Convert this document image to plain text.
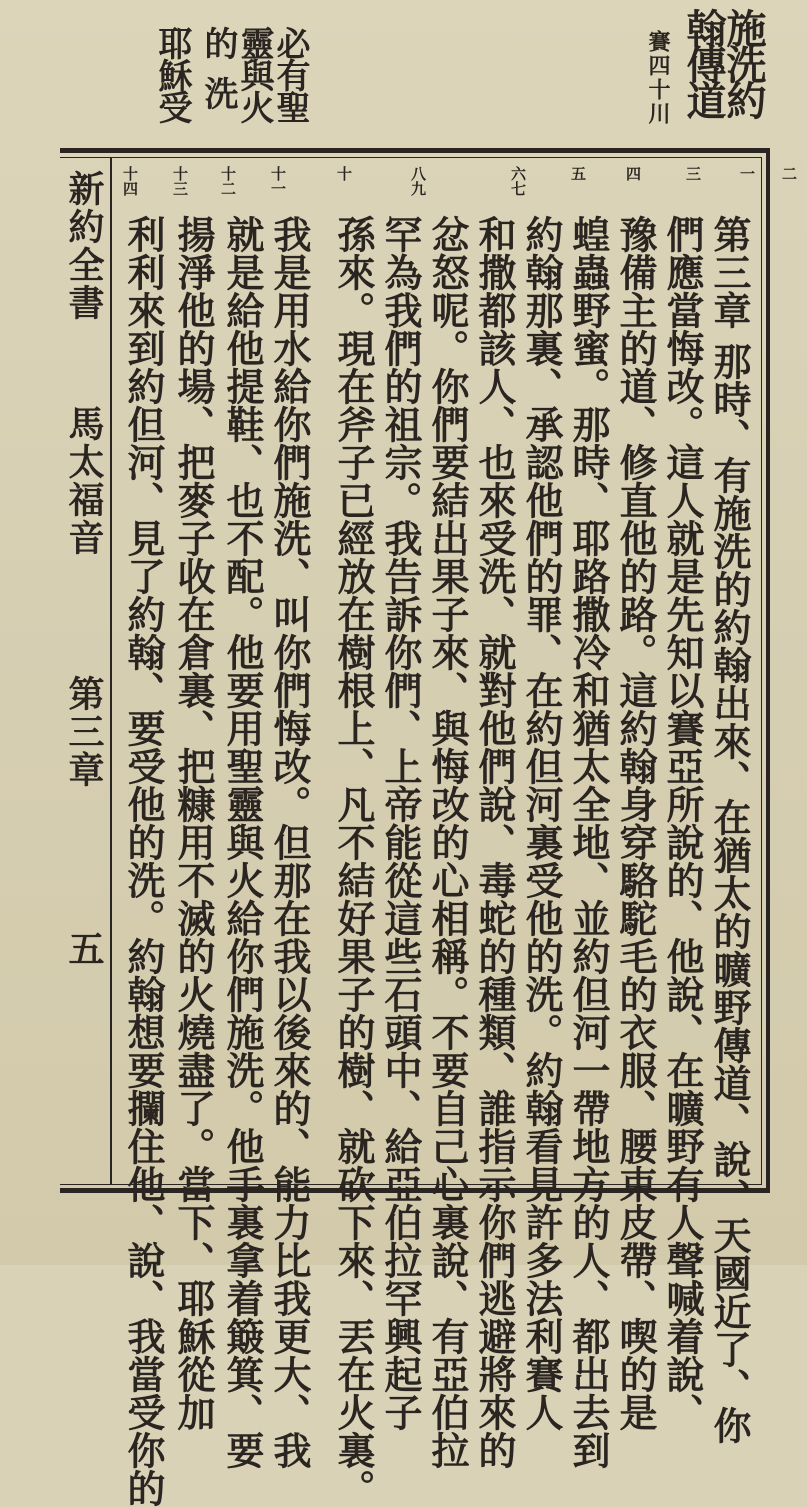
施洗約
翰傳道
賽四十川
必有聖
靈與火
的洗
耶穌受
新約全書
馬太福音
第三章
五
一 二
三
四
五
六七
八九
十
十一
十二
十三
十四
第三章 那時、有施洗的約翰出來、在猶太的曠野傳道、說、天國近了、你
們應當悔改。這人就是先知以賽亞所說的、他說、在曠野有人聲喊着說、
豫備主的道、修直他的路。這約翰身穿駱駝毛的衣服、腰束皮帶、喫的是
蝗蟲野蜜。那時、耶路撒冷和猶太全地、並約但河一帶地方的人、都出去到
約翰那裏、承認他們的罪、在約但河裏受他的洗。約翰看見許多法利賽人
和撒都該人、也來受洗、就對他們說、毒蛇的種類、誰指示你們逃避將來的
忿怒呢。你們要結出果子來、與悔改的心相稱。不要自己心裏說、有亞伯拉
罕為我們的祖宗。我告訴你們、上帝能從這些石頭中、給亞伯拉罕興起子
孫來。現在斧子已經放在樹根上、凡不結好果子的樹、就砍下來、丟在火裏。
我是用水給你們施洗、叫你們悔改。但那在我以後來的、能力比我更大、我
就是給他提鞋、也不配。他要用聖靈與火給你們施洗。他手裏拿着簸箕、要
揚淨他的場、把麥子收在倉裏、把糠用不滅的火燒盡了。當下、耶穌從加
利利來到約但河、見了約翰、要受他的洗。約翰想要攔住他、說、我當受你的
